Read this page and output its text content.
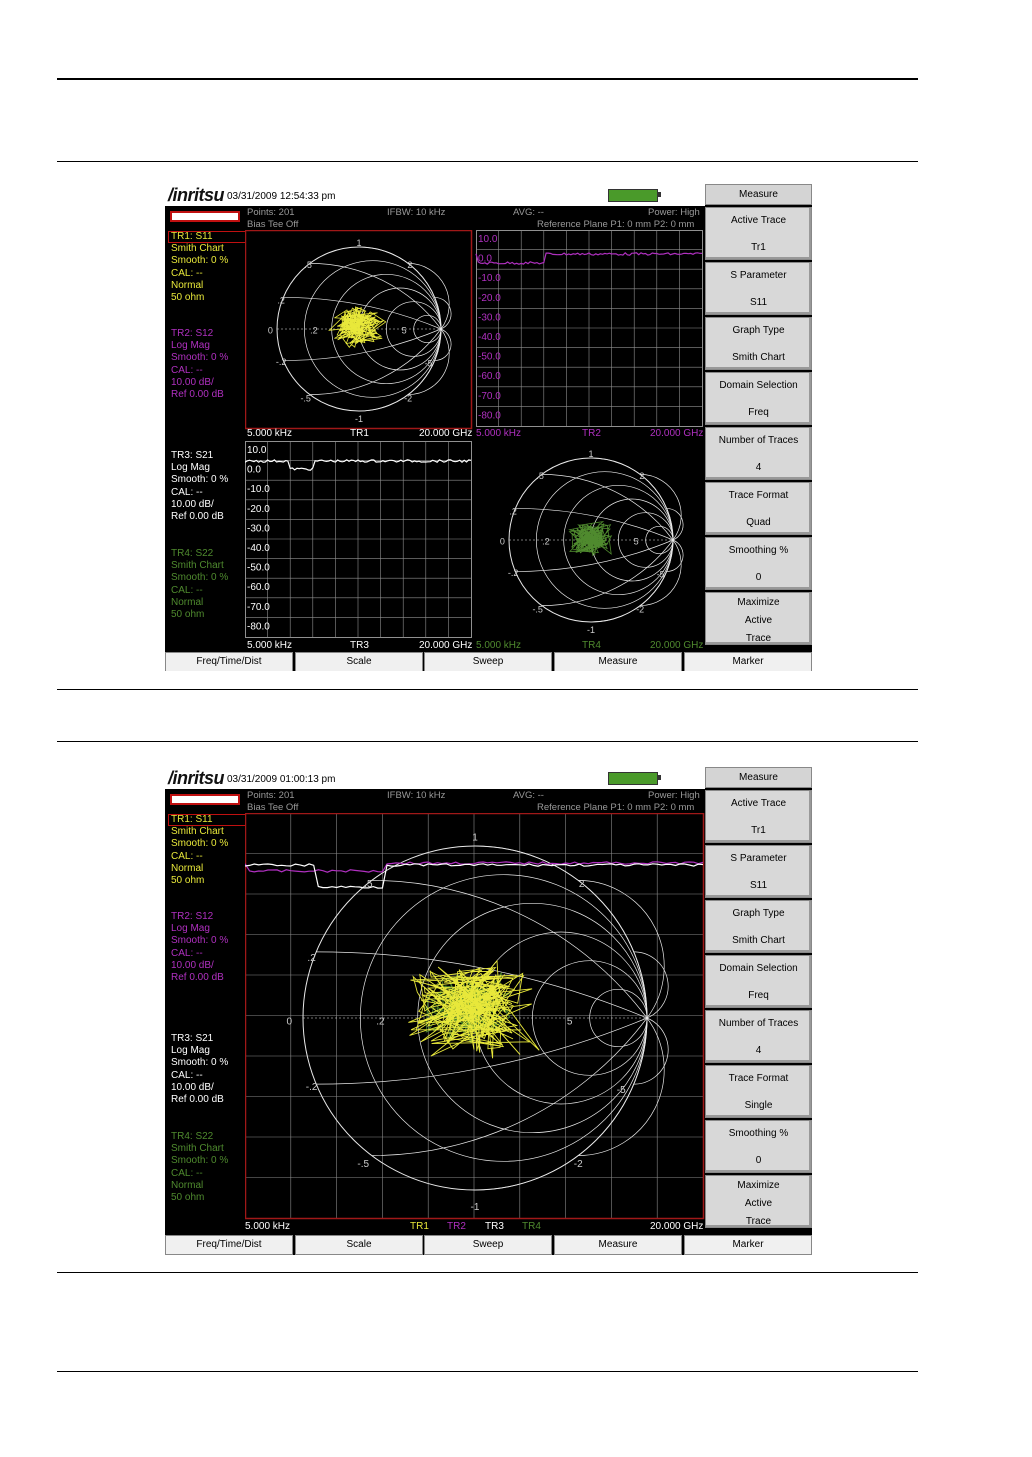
/inritsu 03/31/2009 12:54:33 pm
Points: 201
Bias Tee Off
IFBW: 10 kHz	AVG: --	Power: High
Reference Plane P1: 0 mm P2: 0 mm
TR1: S11
Smith Chart
Smooth: 0 %
CAL: --
Normal
50 ohm
TR2: S12
Log Mag
Smooth: 0 %
CAL: --
10.00 dB/
Ref 0.00 dB
TR3: S21
Log Mag
Smooth: 0 %
CAL: --
10.00 dB/
Ref 0.00 dB
TR4: S22
Smith Chart
Smooth: 0 %
CAL: --
Normal
50 ohm
1
.5	2
.2
0	.2	.5	5
-.2	-5
-.5	-2
-1
5.000 kHz	TR1	20.000 GHz
10.0
0.0
-10.0
-20.0
-30.0
-40.0
-50.0
-60.0
-70.0
-80.0
5.000 kHz	TR2	20.000 GHz
10.0
0.0
-10.0
-20.0
-30.0
-40.0
-50.0
-60.0
-70.0
-80.0
5.000 kHz	TR3	20.000 GHz
1
.5	2
.2
0	.2	.5	5
-.2	-5
-.5	-2
-1
5.000 kHz	TR4	20.000 GHz
Measure
Active Trace
Tr1
S Parameter
S11
Graph Type
Smith Chart
Domain Selection
Freq
Number of Traces
4
Trace Format
Quad
Smoothing %
0
Maximize
Active
Trace
Freq/Time/Dist	Scale	Sweep	Measure	Marker
/inritsu 03/31/2009 01:00:13 pm
Points: 201
Bias Tee Off
IFBW: 10 kHz	AVG: --	Power: High
Reference Plane P1: 0 mm P2: 0 mm
TR1: S11
Smith Chart
Smooth: 0 %
CAL: --
Normal
50 ohm
TR2: S12
Log Mag
Smooth: 0 %
CAL: --
10.00 dB/
Ref 0.00 dB
TR3: S21
Log Mag
Smooth: 0 %
CAL: --
10.00 dB/
Ref 0.00 dB
TR4: S22
Smith Chart
Smooth: 0 %
CAL: --
Normal
50 ohm
1
.5	2
.2
0	.2	.5	5
-.2	-5
-.5	-2
-1
5.000 kHz	TR1 TR2 TR3 TR4	20.000 GHz
Measure
Active Trace
Tr1
S Parameter
S11
Graph Type
Smith Chart
Domain Selection
Freq
Number of Traces
4
Trace Format
Single
Smoothing %
0
Maximize
Active
Trace
Freq/Time/Dist	Scale	Sweep	Measure	Marker
